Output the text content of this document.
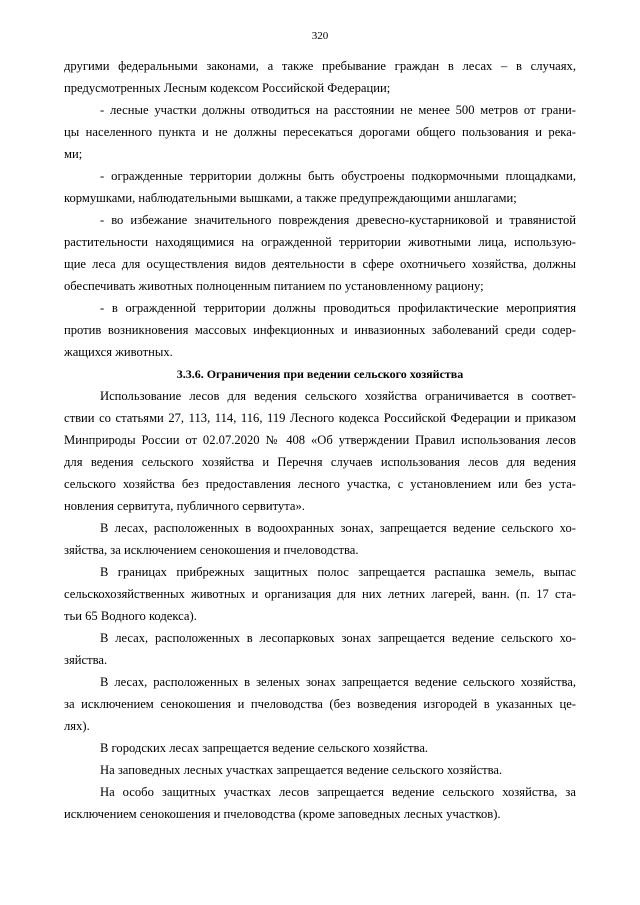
320
другими федеральными законами, а также пребывание граждан в лесах – в случаях,
предусмотренных Лесным кодексом Российской Федерации;
- лесные участки должны отводиться на расстоянии не менее 500 метров от грани-
цы населенного пункта и не должны пересекаться дорогами общего пользования и река-
ми;
- огражденные территории должны быть обустроены подкормочными площадками,
кормушками, наблюдательными вышками, а также предупреждающими аншлагами;
- во избежание значительного повреждения древесно-кустарниковой и травянистой
растительности находящимися на огражденной территории животными лица, использую-
щие леса для осуществления видов деятельности в сфере охотничьего хозяйства, должны
обеспечивать животных полноценным питанием по установленному рациону;
- в огражденной территории должны проводиться профилактические мероприятия
против возникновения массовых инфекционных и инвазионных заболеваний среди содер-
жащихся животных.
3.3.6. Ограничения при ведении сельского хозяйства
Использование лесов для ведения сельского хозяйства ограничивается в соответ-
ствии со статьями 27, 113, 114, 116, 119 Лесного кодекса Российской Федерации и приказом
Минприроды России от 02.07.2020 № 408 «Об утверждении Правил использования лесов
для ведения сельского хозяйства и Перечня случаев использования лесов для ведения
сельского хозяйства без предоставления лесного участка, с установлением или без уста-
новления сервитута, публичного сервитута».
В лесах, расположенных в водоохранных зонах, запрещается ведение сельского хо-
зяйства, за исключением сенокошения и пчеловодства.
В границах прибрежных защитных полос запрещается распашка земель, выпас
сельскохозяйственных животных и организация для них летних лагерей, ванн. (п. 17 ста-
тьи 65 Водного кодекса).
В лесах, расположенных в лесопарковых зонах запрещается ведение сельского хо-
зяйства.
В лесах, расположенных в зеленых зонах запрещается ведение сельского хозяйства,
за исключением сенокошения и пчеловодства (без возведения изгородей в указанных це-
лях).
В городских лесах запрещается ведение сельского хозяйства.
На заповедных лесных участках запрещается ведение сельского хозяйства.
На особо защитных участках лесов запрещается ведение сельского хозяйства, за
исключением сенокошения и пчеловодства (кроме заповедных лесных участков).
